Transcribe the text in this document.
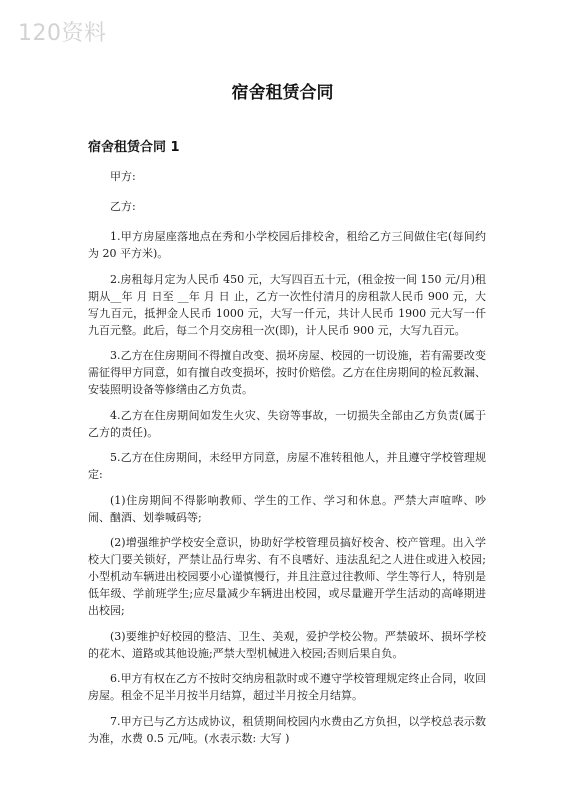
120资料
宿舍租赁合同
宿舍租赁合同 1

甲方:

乙方:

1.甲方房屋座落地点在秀和小学校园后排校舍，租给乙方三间做住宅(每间约为 20 平方米)。

2.房租每月定为人民币 450 元，大写四百五十元，(租金按一间 150 元/月)租期从__年 月 日至 __年 月 日 止，乙方一次性付清月的房租款人民币 900 元，大写九百元，抵押金人民币 1000 元，大写一仟元，共计人民币 1900 元大写一仟九百元整。此后，每二个月交房租一次(即)，计人民币 900 元，大写九百元。

3.乙方在住房期间不得擅自改变、损坏房屋、校园的一切设施，若有需要改变需征得甲方同意，如有擅自改变损坏，按时价赔偿。乙方在住房期间的检瓦救漏、安装照明设备等修缮由乙方负责。

4.乙方在住房期间如发生火灾、失窃等事故，一切损失全部由乙方负责(属于乙方的责任)。

5.乙方在住房期间，未经甲方同意，房屋不准转租他人，并且遵守学校管理规定:

(1)住房期间不得影响教师、学生的工作、学习和休息。严禁大声喧哗、吵闹、酗酒、划拳喊码等;

(2)增强维护学校安全意识，协助好学校管理员搞好校舍、校产管理。出入学校大门要关锁好，严禁让品行卑劣、有不良嗜好、违法乱纪之人进住或进入校园;小型机动车辆进出校园要小心谨慎慢行，并且注意过往教师、学生等行人，特别是低年级、学前班学生;应尽量减少车辆进出校园，或尽量避开学生活动的高峰期进出校园;

(3)要维护好校园的整洁、卫生、美观，爱护学校公物。严禁破坏、损坏学校的花木、道路或其他设施;严禁大型机械进入校园;否则后果自负。

6.甲方有权在乙方不按时交纳房租款时或不遵守学校管理规定终止合同，收回房屋。租金不足半月按半月结算，超过半月按全月结算。

7.甲方已与乙方达成协议，租赁期间校园内水费由乙方负担，以学校总表示数为准，水费 0.5 元/吨。(水表示数: 大写 )
